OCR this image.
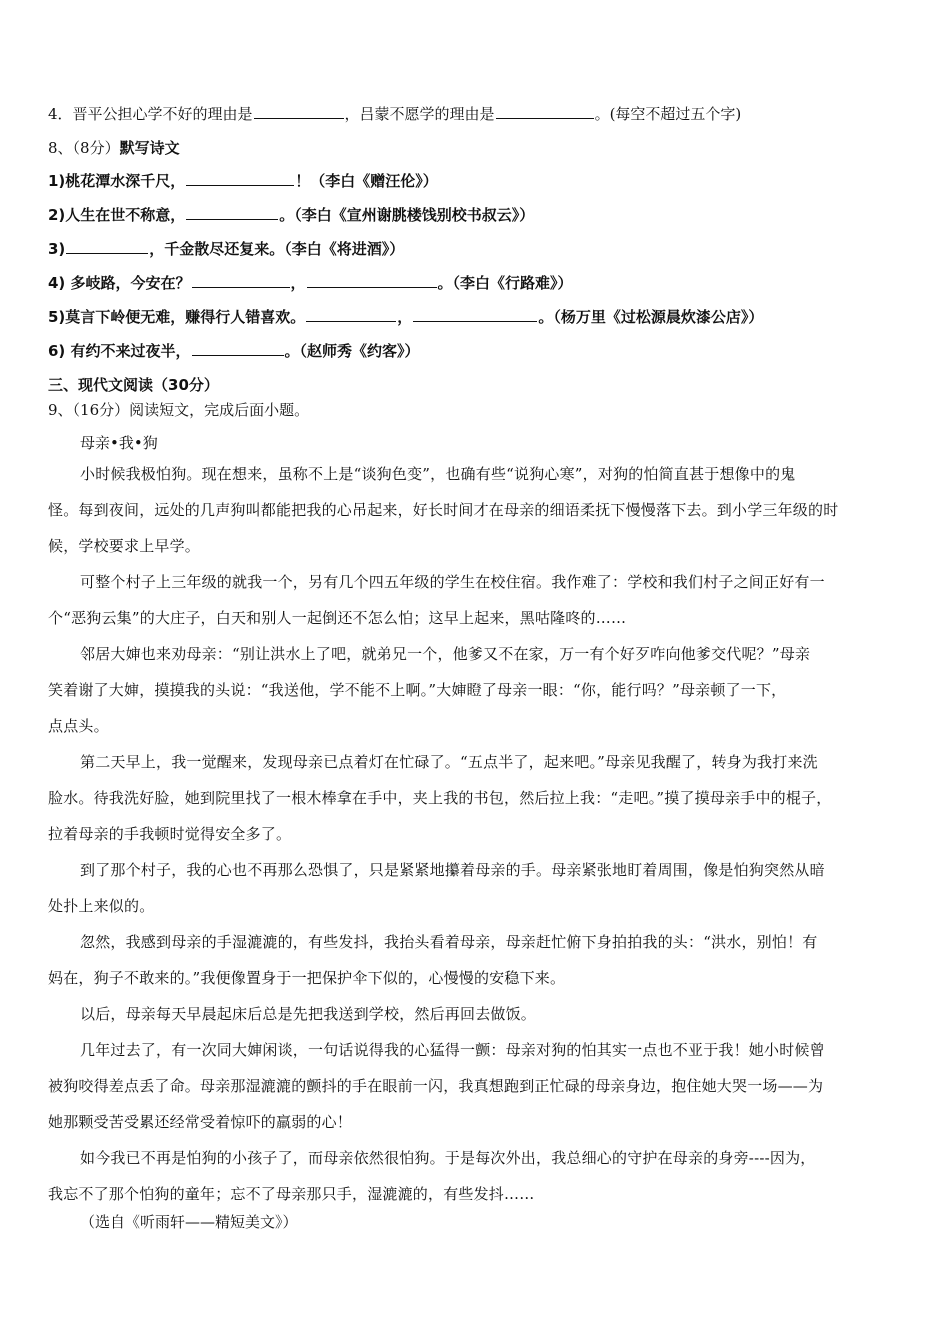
4．晋平公担心学不好的理由是	，吕蒙不愿学的理由是	。(每空不超过五个字)
8、（8分）默写诗文
1)桃花潭水深千尺，	！（李白《赠汪伦》）
2)人生在世不称意，	。（李白《宣州谢朓楼饯别校书叔云》）
3)	，千金散尽还复来。（李白《将进酒》）
4) 多岐路，今安在？	，	。（李白《行路难》）
5)莫言下岭便无难，赚得行人错喜欢。	，	。（杨万里《过松源晨炊漆公店》）
6) 有约不来过夜半，	。（赵师秀《约客》）
三、现代文阅读（30分）
9、（16分）阅读短文，完成后面小题。
母亲•我•狗
小时候我极怕狗。现在想来，虽称不上是“谈狗色变”，也确有些“说狗心寒”，对狗的怕简直甚于想像中的鬼
怪。每到夜间，远处的几声狗叫都能把我的心吊起来，好长时间才在母亲的细语柔抚下慢慢落下去。到小学三年级的时
候，学校要求上早学。
可整个村子上三年级的就我一个，另有几个四五年级的学生在校住宿。我作难了：学校和我们村子之间正好有一
个“恶狗云集”的大庄子，白天和别人一起倒还不怎么怕；这早上起来，黑咕隆咚的……
邻居大婶也来劝母亲：“别让洪水上了吧，就弟兄一个，他爹又不在家，万一有个好歹咋向他爹交代呢？”母亲
笑着谢了大婶，摸摸我的头说：“我送他，学不能不上啊。”大婶瞪了母亲一眼：“你，能行吗？”母亲顿了一下，
点点头。
第二天早上，我一觉醒来，发现母亲已点着灯在忙碌了。“五点半了，起来吧。”母亲见我醒了，转身为我打来洗
脸水。待我洗好脸，她到院里找了一根木棒拿在手中，夹上我的书包，然后拉上我：“走吧。”摸了摸母亲手中的棍子，
拉着母亲的手我顿时觉得安全多了。
到了那个村子，我的心也不再那么恐惧了，只是紧紧地攥着母亲的手。母亲紧张地盯着周围，像是怕狗突然从暗
处扑上来似的。
忽然，我感到母亲的手湿漉漉的，有些发抖，我抬头看着母亲，母亲赶忙俯下身拍拍我的头：“洪水，别怕！有
妈在，狗子不敢来的。”我便像置身于一把保护伞下似的，心慢慢的安稳下来。
以后，母亲每天早晨起床后总是先把我送到学校，然后再回去做饭。
几年过去了，有一次同大婶闲谈，一句话说得我的心猛得一颤：母亲对狗的怕其实一点也不亚于我！她小时候曾
被狗咬得差点丢了命。母亲那湿漉漉的颤抖的手在眼前一闪，我真想跑到正忙碌的母亲身边，抱住她大哭一场——为
她那颗受苦受累还经常受着惊吓的羸弱的心！
如今我已不再是怕狗的小孩子了，而母亲依然很怕狗。于是每次外出，我总细心的守护在母亲的身旁----因为，
我忘不了那个怕狗的童年；忘不了母亲那只手，湿漉漉的，有些发抖……
（选自《听雨轩——精短美文》）
